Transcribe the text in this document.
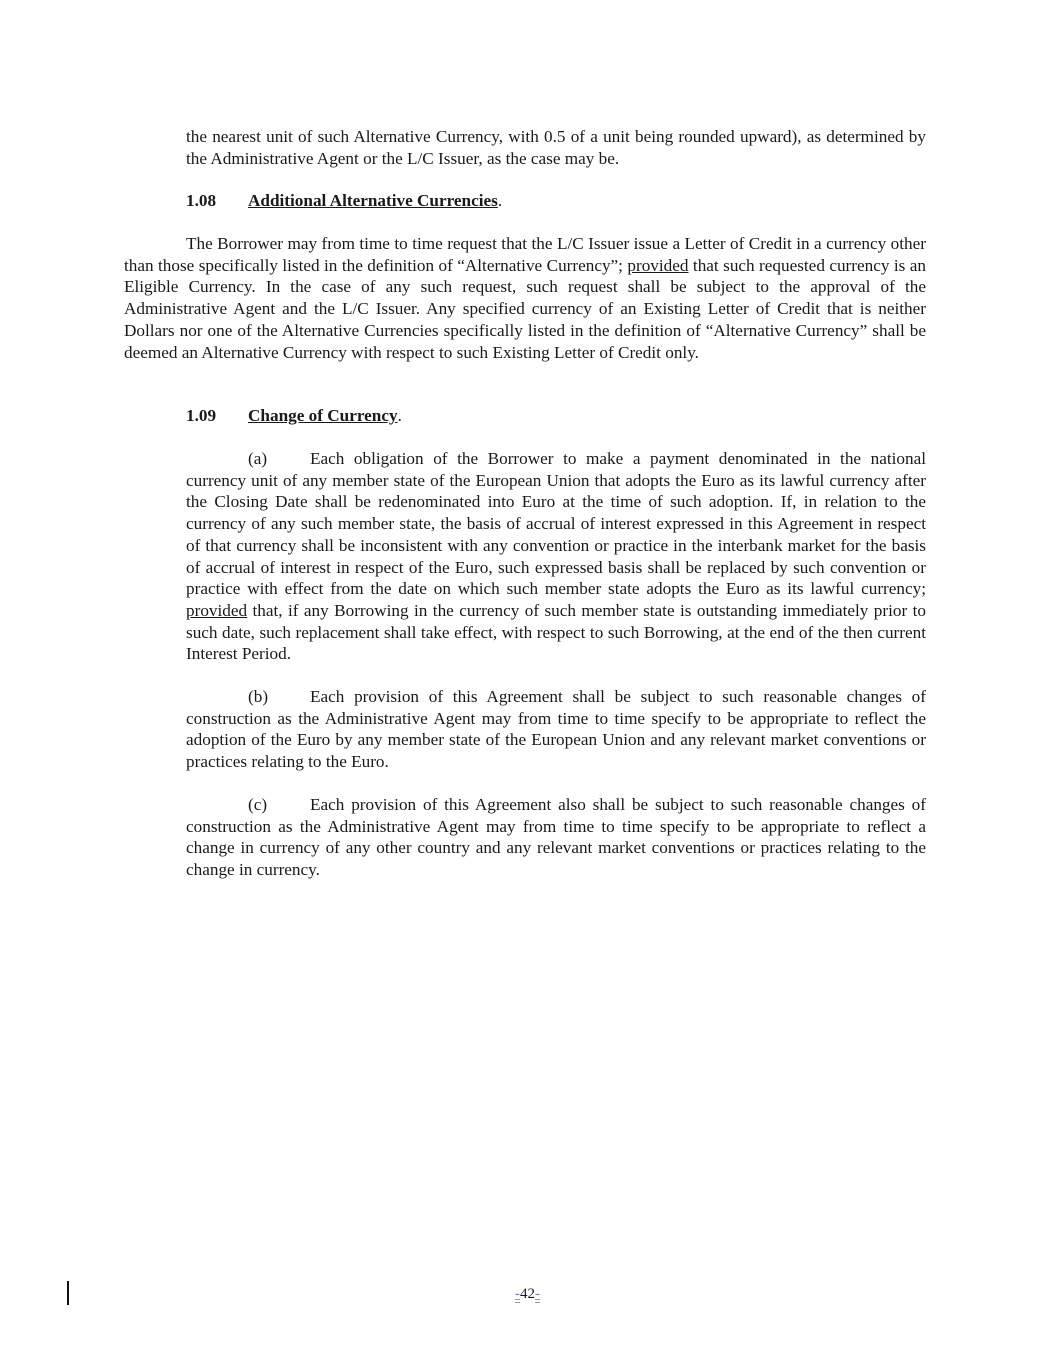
the nearest unit of such Alternative Currency, with 0.5 of a unit being rounded upward), as determined by the Administrative Agent or the L/C Issuer, as the case may be.

1.08 Additional Alternative Currencies.

The Borrower may from time to time request that the L/C Issuer issue a Letter of Credit in a currency other than those specifically listed in the definition of “Alternative Currency”; provided that such requested currency is an Eligible Currency. In the case of any such request, such request shall be subject to the approval of the Administrative Agent and the L/C Issuer. Any specified currency of an Existing Letter of Credit that is neither Dollars nor one of the Alternative Currencies specifically listed in the definition of “Alternative Currency” shall be deemed an Alternative Currency with respect to such Existing Letter of Credit only.

1.09 Change of Currency.

(a) Each obligation of the Borrower to make a payment denominated in the national currency unit of any member state of the European Union that adopts the Euro as its lawful currency after the Closing Date shall be redenominated into Euro at the time of such adoption. If, in relation to the currency of any such member state, the basis of accrual of interest expressed in this Agreement in respect of that currency shall be inconsistent with any convention or practice in the interbank market for the basis of accrual of interest in respect of the Euro, such expressed basis shall be replaced by such convention or practice with effect from the date on which such member state adopts the Euro as its lawful currency; provided that, if any Borrowing in the currency of such member state is outstanding immediately prior to such date, such replacement shall take effect, with respect to such Borrowing, at the end of the then current Interest Period.

(b) Each provision of this Agreement shall be subject to such reasonable changes of construction as the Administrative Agent may from time to time specify to be appropriate to reflect the adoption of the Euro by any member state of the European Union and any relevant market conventions or practices relating to the Euro.

(c) Each provision of this Agreement also shall be subject to such reasonable changes of construction as the Administrative Agent may from time to time specify to be appropriate to reflect a change in currency of any other country and any relevant market conventions or practices relating to the change in currency.

-42-
